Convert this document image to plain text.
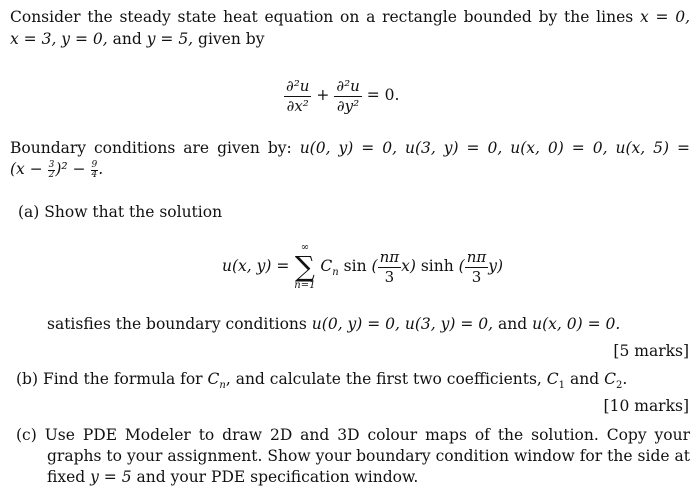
Consider the steady state heat equation on a rectangle bounded by the lines x = 0,
x = 3, y = 0, and y = 5, given by
$\frac{\text{∂²u}}{\text{∂x²}} + \frac{\text{∂²u}}{\text{∂y²}} = 0$.
Boundary conditions are given by: u(0, y) = 0, u(3, y) = 0, u(x, 0) = 0, u(x, 5) =
$(x - \frac{3}{2} )^2 - \frac{9}{4}$ .
(a) Show that the solution
u(x, y) =
∞
∑
n=1
$C_n$ sin ( $\frac{n\pi}{3} x$) sinh ( $\frac{n\pi}{3} y$)
satisfies the boundary conditions u(0, y) = 0, u(3, y) = 0, and u(x, 0) = 0.
[5 marks]
(b) Find the formula for $C_n$, and calculate the first two coefficients, $C_1$ and $C_2$.
[10 marks]
(c) Use PDE Modeler to draw 2D and 3D colour maps of the solution. Copy your
graphs to your assignment. Show your boundary condition window for the side at
fixed y = 5 and your PDE specification window.
